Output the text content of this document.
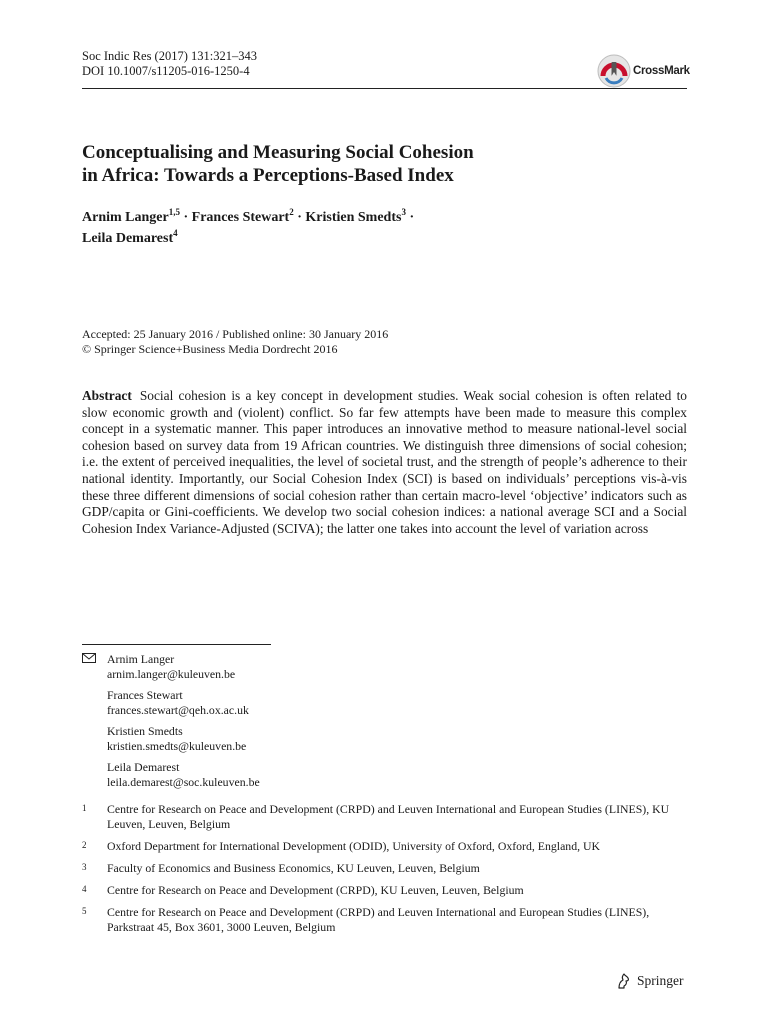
Soc Indic Res (2017) 131:321–343
DOI 10.1007/s11205-016-1250-4	CrossMark
Conceptualising and Measuring Social Cohesion
in Africa: Towards a Perceptions-Based Index
Arnim Langer$^{1,5}$ · Frances Stewart$^2$ · Kristien Smedts$^3$ ·
Leila Demarest$^4$
Accepted: 25 January 2016 / Published online: 30 January 2016
© Springer Science+Business Media Dordrecht 2016
Abstract Social cohesion is a key concept in development studies. Weak social cohesion is often related to slow economic growth and (violent) conflict. So far few attempts have been made to measure this complex concept in a systematic manner. This paper introduces an innovative method to measure national-level social cohesion based on survey data from 19 African countries. We distinguish three dimensions of social cohesion; i.e. the extent of perceived inequalities, the level of societal trust, and the strength of people’s adherence to their national identity. Importantly, our Social Cohesion Index (SCI) is based on individuals’ perceptions vis-à-vis these three different dimensions of social cohesion rather than certain macro-level ‘objective’ indicators such as GDP/capita or Gini-coefficients. We develop two social cohesion indices: a national average SCI and a Social Cohesion Index Variance-Adjusted (SCIVA); the latter one takes into account the level of variation across
Arnim Langer
arnim.langer@kuleuven.be
Frances Stewart
frances.stewart@qeh.ox.ac.uk
Kristien Smedts
kristien.smedts@kuleuven.be
Leila Demarest
leila.demarest@soc.kuleuven.be
1	Centre for Research on Peace and Development (CRPD) and Leuven International and European Studies (LINES), KU Leuven, Leuven, Belgium
2	Oxford Department for International Development (ODID), University of Oxford, Oxford, England, UK
3	Faculty of Economics and Business Economics, KU Leuven, Leuven, Belgium
4	Centre for Research on Peace and Development (CRPD), KU Leuven, Leuven, Belgium
5	Centre for Research on Peace and Development (CRPD) and Leuven International and European Studies (LINES), Parkstraat 45, Box 3601, 3000 Leuven, Belgium
Springer
